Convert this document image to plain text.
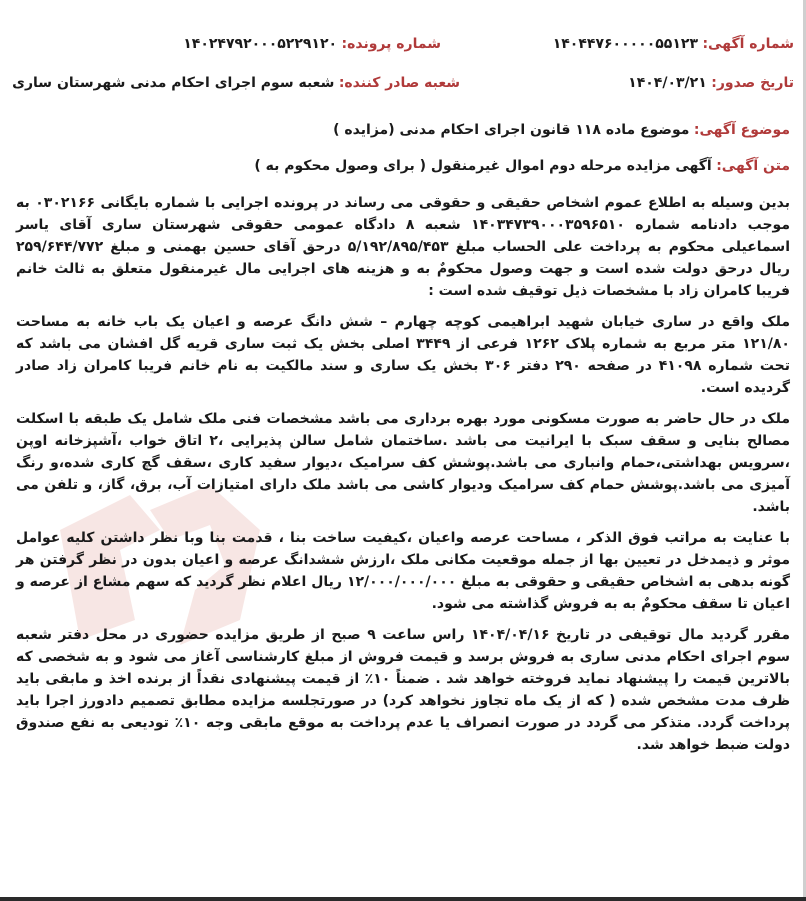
شماره آگهی: ۱۴۰۴۴۷۶۰۰۰۰۰۵۵۱۲۳
شماره پرونده: ۱۴۰۲۴۷۹۲۰۰۰۵۲۲۹۱۲۰
تاریخ صدور: ۱۴۰۴/۰۳/۲۱
شعبه صادر کننده: شعبه سوم اجرای احکام مدنی شهرستان ساری
موضوع آگهی: موضوع ماده ۱۱۸ قانون اجرای احکام مدنی (مزایده )
متن آگهی: آگهی مزایده مرحله دوم اموال غیرمنقول ( برای وصول محکوم به )

بدین وسیله به اطلاع عموم اشخاص حقیقی و حقوقی می رساند در پرونده اجرایی با شماره بایگانی ۰۳۰۲۱۶۶ به موجب دادنامه شماره ۱۴۰۳۴۷۳۹۰۰۰۳۵۹۶۵۱۰ شعبه ۸ دادگاه عمومی حقوقی شهرستان ساری آقای یاسر اسماعیلی محکوم به پرداخت علی الحساب مبلغ ۵/۱۹۲/۸۹۵/۴۵۳ درحق آقای حسین بهمنی و مبلغ ۲۵۹/۶۴۴/۷۷۲ ریال درحق دولت شده است و جهت وصول محکومٌ به و هزینه های اجرایی مال غیرمنقول متعلق به ثالث خانم فریبا کامران زاد با مشخصات ذیل توقیف شده است :

ملک واقع در ساری خیابان شهید ابراهیمی کوچه چهارم – شش دانگ عرصه و اعیان یک باب خانه به مساحت ۱۲۱/۸۰ متر مربع به شماره پلاک ۱۲۶۲ فرعی از ۳۴۴۹ اصلی بخش یک ثبت ساری قریه گل افشان می باشد که تحت شماره ۴۱۰۹۸ در صفحه ۲۹۰ دفتر ۳۰۶ بخش یک ساری و سند مالکیت به نام خانم فریبا کامران زاد صادر گردیده است.

ملک در حال حاضر به صورت مسکونی مورد بهره برداری می باشد مشخصات فنی ملک شامل یک طبقه با اسکلت مصالح بنایی و سقف سبک با ایرانیت می باشد .ساختمان شامل سالن پذیرایی ،۲ اتاق خواب ،آشپزخانه اوپن ،سرویس بهداشتی،حمام وانباری می باشد.پوشش کف سرامیک ،دیوار سفید کاری ،سقف گچ کاری شده،و رنگ آمیزی می باشد.پوشش حمام کف سرامیک ودیوار کاشی می باشد ملک دارای امتیازات آب، برق، گاز، و تلفن می باشد.

با عنایت به مراتب فوق الذکر ، مساحت عرصه واعیان ،کیفیت ساخت بنا ، قدمت بنا وبا نظر داشتن کلیه عوامل موثر و ذیمدخل در تعیین بها از جمله موقعیت مکانی ملک ،ارزش ششدانگ عرصه و اعیان بدون در نظر گرفتن هر گونه بدهی به اشخاص حقیقی و حقوقی به مبلغ ۱۲/۰۰۰/۰۰۰/۰۰۰ ریال اعلام نظر گردید که سهم مشاع از عرصه و اعیان تا سقف محکومٌ به به فروش گذاشته می شود.

مقرر گردید مال توقیفی در تاریخ ۱۴۰۴/۰۴/۱۶ راس ساعت ۹ صبح از طریق مزایده حضوری در محل دفتر شعبه سوم اجرای احکام مدنی ساری به فروش برسد و قیمت فروش از مبلغ کارشناسی آغاز می شود و به شخصی که بالاترین قیمت را پیشنهاد نماید فروخته خواهد شد . ضمناً ۱۰٪ از قیمت پیشنهادی نقداً از برنده اخذ و مابقی باید ظرف مدت مشخص شده ( که از یک ماه تجاوز نخواهد کرد) در صورتجلسه مزایده مطابق تصمیم دادورز اجرا باید پرداخت گردد. متذکر می گردد در صورت انصراف یا عدم پرداخت به موقع مابقی وجه ۱۰٪ تودیعی به نفع صندوق دولت ضبط خواهد شد.
